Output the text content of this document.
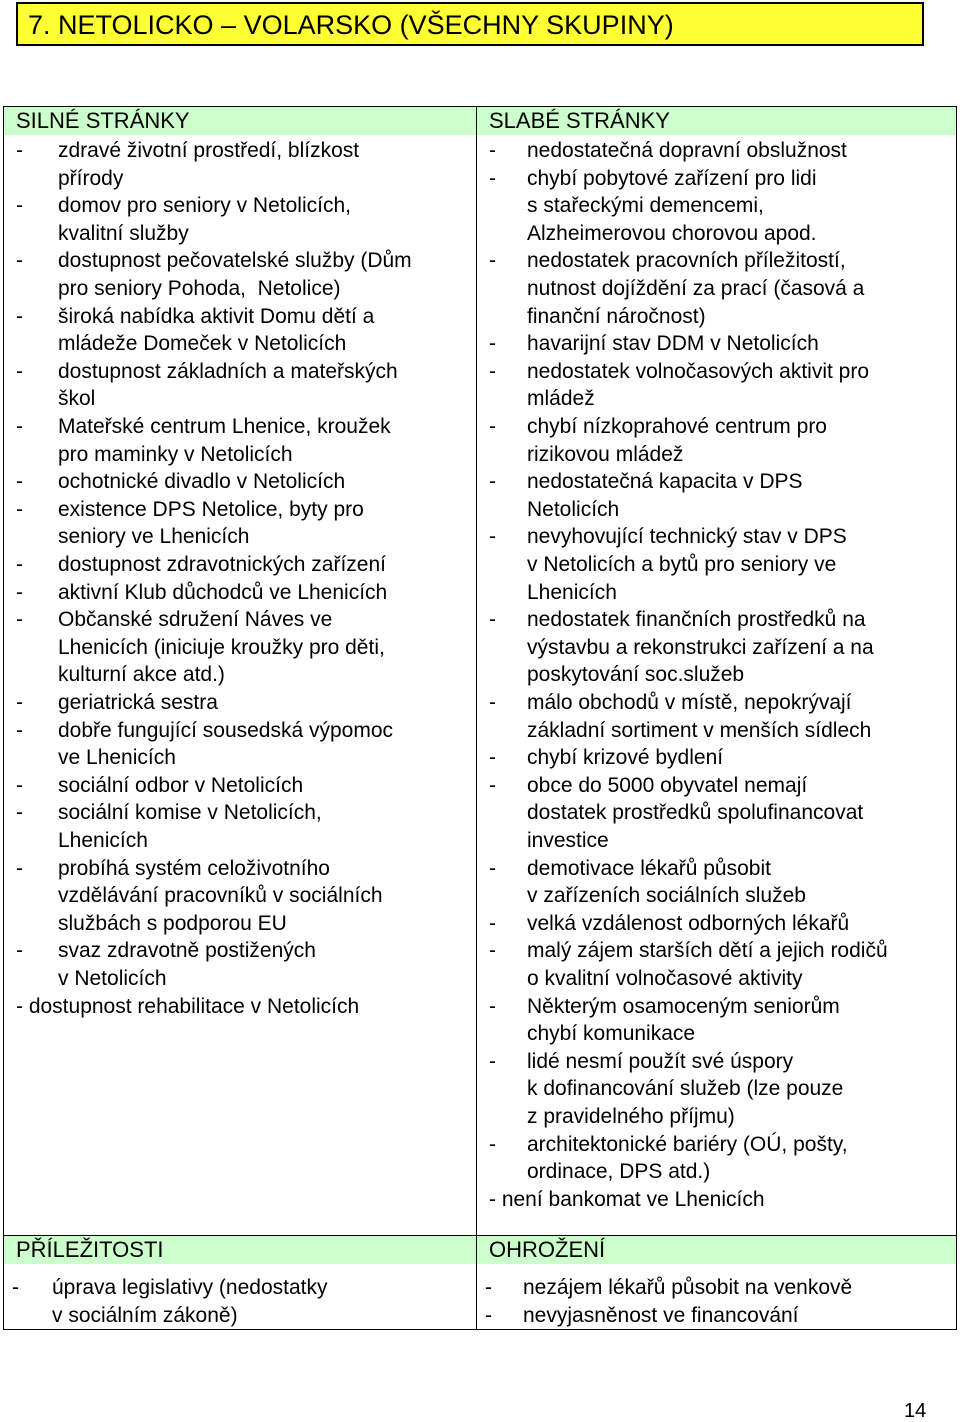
7. NETOLICKO – VOLARSKO (VŠECHNY SKUPINY)
SILNÉ STRÁNKY
-	zdravé životní prostředí, blízkost
přírody
-	domov pro seniory v Netolicích,
kvalitní služby
-	dostupnost pečovatelské služby (Dům
pro seniory Pohoda,  Netolice)
-	široká nabídka aktivit Domu dětí a
mládeže Domeček v Netolicích
-	dostupnost základních a mateřských
škol
-	Mateřské centrum Lhenice, kroužek
pro maminky v Netolicích
-	ochotnické divadlo v Netolicích
-	existence DPS Netolice, byty pro
seniory ve Lhenicích
-	dostupnost zdravotnických zařízení
-	aktivní Klub důchodců ve Lhenicích
-	Občanské sdružení Náves ve
Lhenicích (iniciuje kroužky pro děti,
kulturní akce atd.)
-	geriatrická sestra
-	dobře fungující sousedská výpomoc
ve Lhenicích
-	sociální odbor v Netolicích
-	sociální komise v Netolicích,
Lhenicích
-	probíhá systém celoživotního
vzdělávání pracovníků v sociálních
službách s podporou EU
-	svaz zdravotně postižených
v Netolicích
- dostupnost rehabilitace v Netolicích
SLABÉ STRÁNKY
-	nedostatečná dopravní obslužnost
-	chybí pobytové zařízení pro lidi
s stařeckými demencemi,
Alzheimerovou chorovou apod.
-	nedostatek pracovních příležitostí,
nutnost dojíždění za prací (časová a
finanční náročnost)
-	havarijní stav DDM v Netolicích
-	nedostatek volnočasových aktivit pro
mládež
-	chybí nízkoprahové centrum pro
rizikovou mládež
-	nedostatečná kapacita v DPS
Netolicích
-	nevyhovující technický stav v DPS
v Netolicích a bytů pro seniory ve
Lhenicích
-	nedostatek finančních prostředků na
výstavbu a rekonstrukci zařízení a na
poskytování soc.služeb
-	málo obchodů v místě, nepokrývají
základní sortiment v menších sídlech
-	chybí krizové bydlení
-	obce do 5000 obyvatel nemají
dostatek prostředků spolufinancovat
investice
-	demotivace lékařů působit
v zařízeních sociálních služeb
-	velká vzdálenost odborných lékařů
-	malý zájem starších dětí a jejich rodičů
o kvalitní volnočasové aktivity
-	Některým osamoceným seniorům
chybí komunikace
-	lidé nesmí použít své úspory
k dofinancování služeb (lze pouze
z pravidelného příjmu)
-	architektonické bariéry (OÚ, pošty,
ordinace, DPS atd.)
- není bankomat ve Lhenicích
PŘÍLEŽITOSTI
-	úprava legislativy (nedostatky
v sociálním zákoně)
OHROŽENÍ
-	nezájem lékařů působit na venkově
-	nevyjasněnost ve financování
14
